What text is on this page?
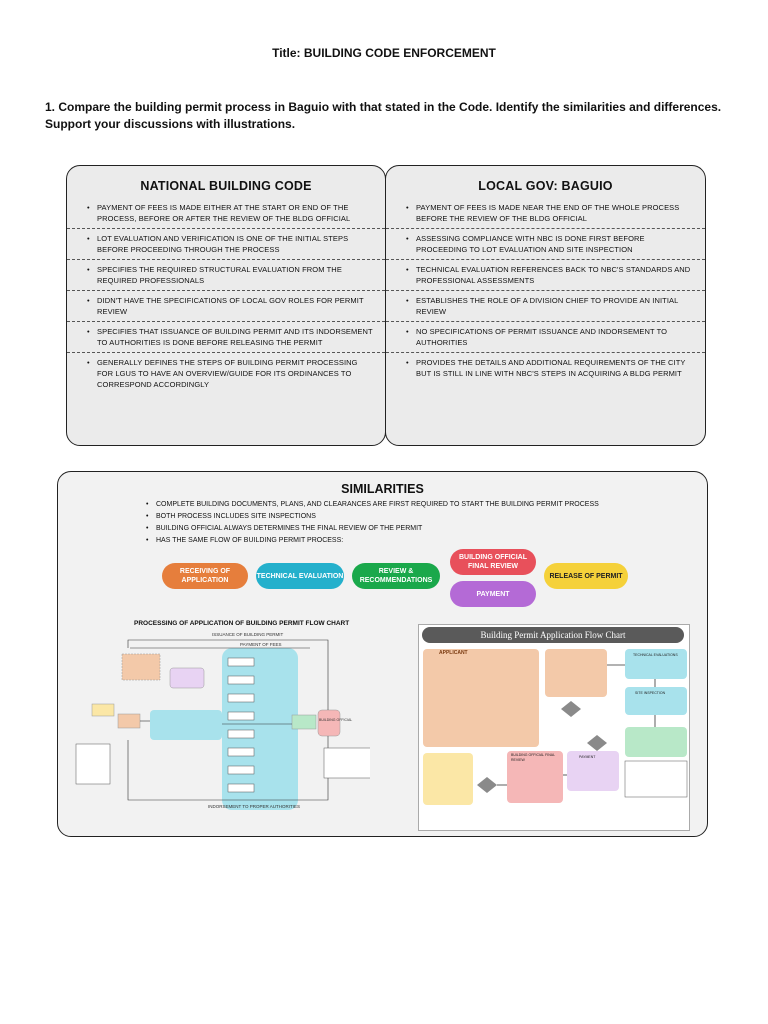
Title: BUILDING CODE ENFORCEMENT
1. Compare the building permit process in Baguio with that stated in the Code. Identify the similarities and differences. Support your discussions with illustrations.
NATIONAL BUILDING CODE
• PAYMENT OF FEES IS MADE EITHER AT THE START OR END OF THE PROCESS, BEFORE OR AFTER THE REVIEW OF THE BLDG OFFICIAL
• LOT EVALUATION AND VERIFICATION IS ONE OF THE INITIAL STEPS BEFORE PROCEEDING THROUGH THE PROCESS
• SPECIFIES THE REQUIRED STRUCTURAL EVALUATION FROM THE REQUIRED PROFESSIONALS
• DIDN'T HAVE THE SPECIFICATIONS OF LOCAL GOV ROLES FOR PERMIT REVIEW
• SPECIFIES THAT ISSUANCE OF BUILDING PERMIT AND ITS INDORSEMENT TO AUTHORITIES IS DONE BEFORE RELEASING THE PERMIT
• GENERALLY DEFINES THE STEPS OF BUILDING PERMIT PROCESSING FOR LGUS TO HAVE AN OVERVIEW/GUIDE FOR ITS ORDINANCES TO CORRESPOND ACCORDINGLY
LOCAL GOV: BAGUIO
• PAYMENT OF FEES IS MADE NEAR THE END OF THE WHOLE PROCESS BEFORE THE REVIEW OF THE BLDG OFFICIAL
• ASSESSING COMPLIANCE WITH NBC IS DONE FIRST BEFORE PROCEEDING TO LOT EVALUATION AND SITE INSPECTION
• TECHNICAL EVALUATION REFERENCES BACK TO NBC'S STANDARDS AND PROFESSIONAL ASSESSMENTS
• ESTABLISHES THE ROLE OF A DIVISION CHIEF TO PROVIDE AN INITIAL REVIEW
• NO SPECIFICATIONS OF PERMIT ISSUANCE AND INDORSEMENT TO AUTHORITIES
• PROVIDES THE DETAILS AND ADDITIONAL REQUIREMENTS OF THE CITY BUT IS STILL IN LINE WITH NBC'S STEPS IN ACQUIRING A BLDG PERMIT
SIMILARITIES
• COMPLETE BUILDING DOCUMENTS, PLANS, AND CLEARANCES ARE FIRST REQUIRED TO START THE BUILDING PERMIT PROCESS
• BOTH PROCESS INCLUDES SITE INSPECTIONS
• BUILDING OFFICIAL ALWAYS DETERMINES THE FINAL REVIEW OF THE PERMIT
• HAS THE SAME FLOW OF BUILDING PERMIT PROCESS:
RECEIVING OF APPLICATION
TECHNICAL EVALUATION
REVIEW & RECOMMENDATIONS
BUILDING OFFICIAL FINAL REVIEW
PAYMENT
RELEASE OF PERMIT
PROCESSING OF APPLICATION OF BUILDING PERMIT FLOW CHART
ISSUANCE OF BUILDING PERMIT
PAYMENT OF FEES
INDORSEMENT TO PROPER AUTHORITIES
BUILDING OFFICIAL
Building Permit Application Flow Chart
APPLICANT	TECHNICAL EVALUATIONS
SITE INSPECTION
PAYMENT
BUILDING OFFICIAL FINAL REVIEW
